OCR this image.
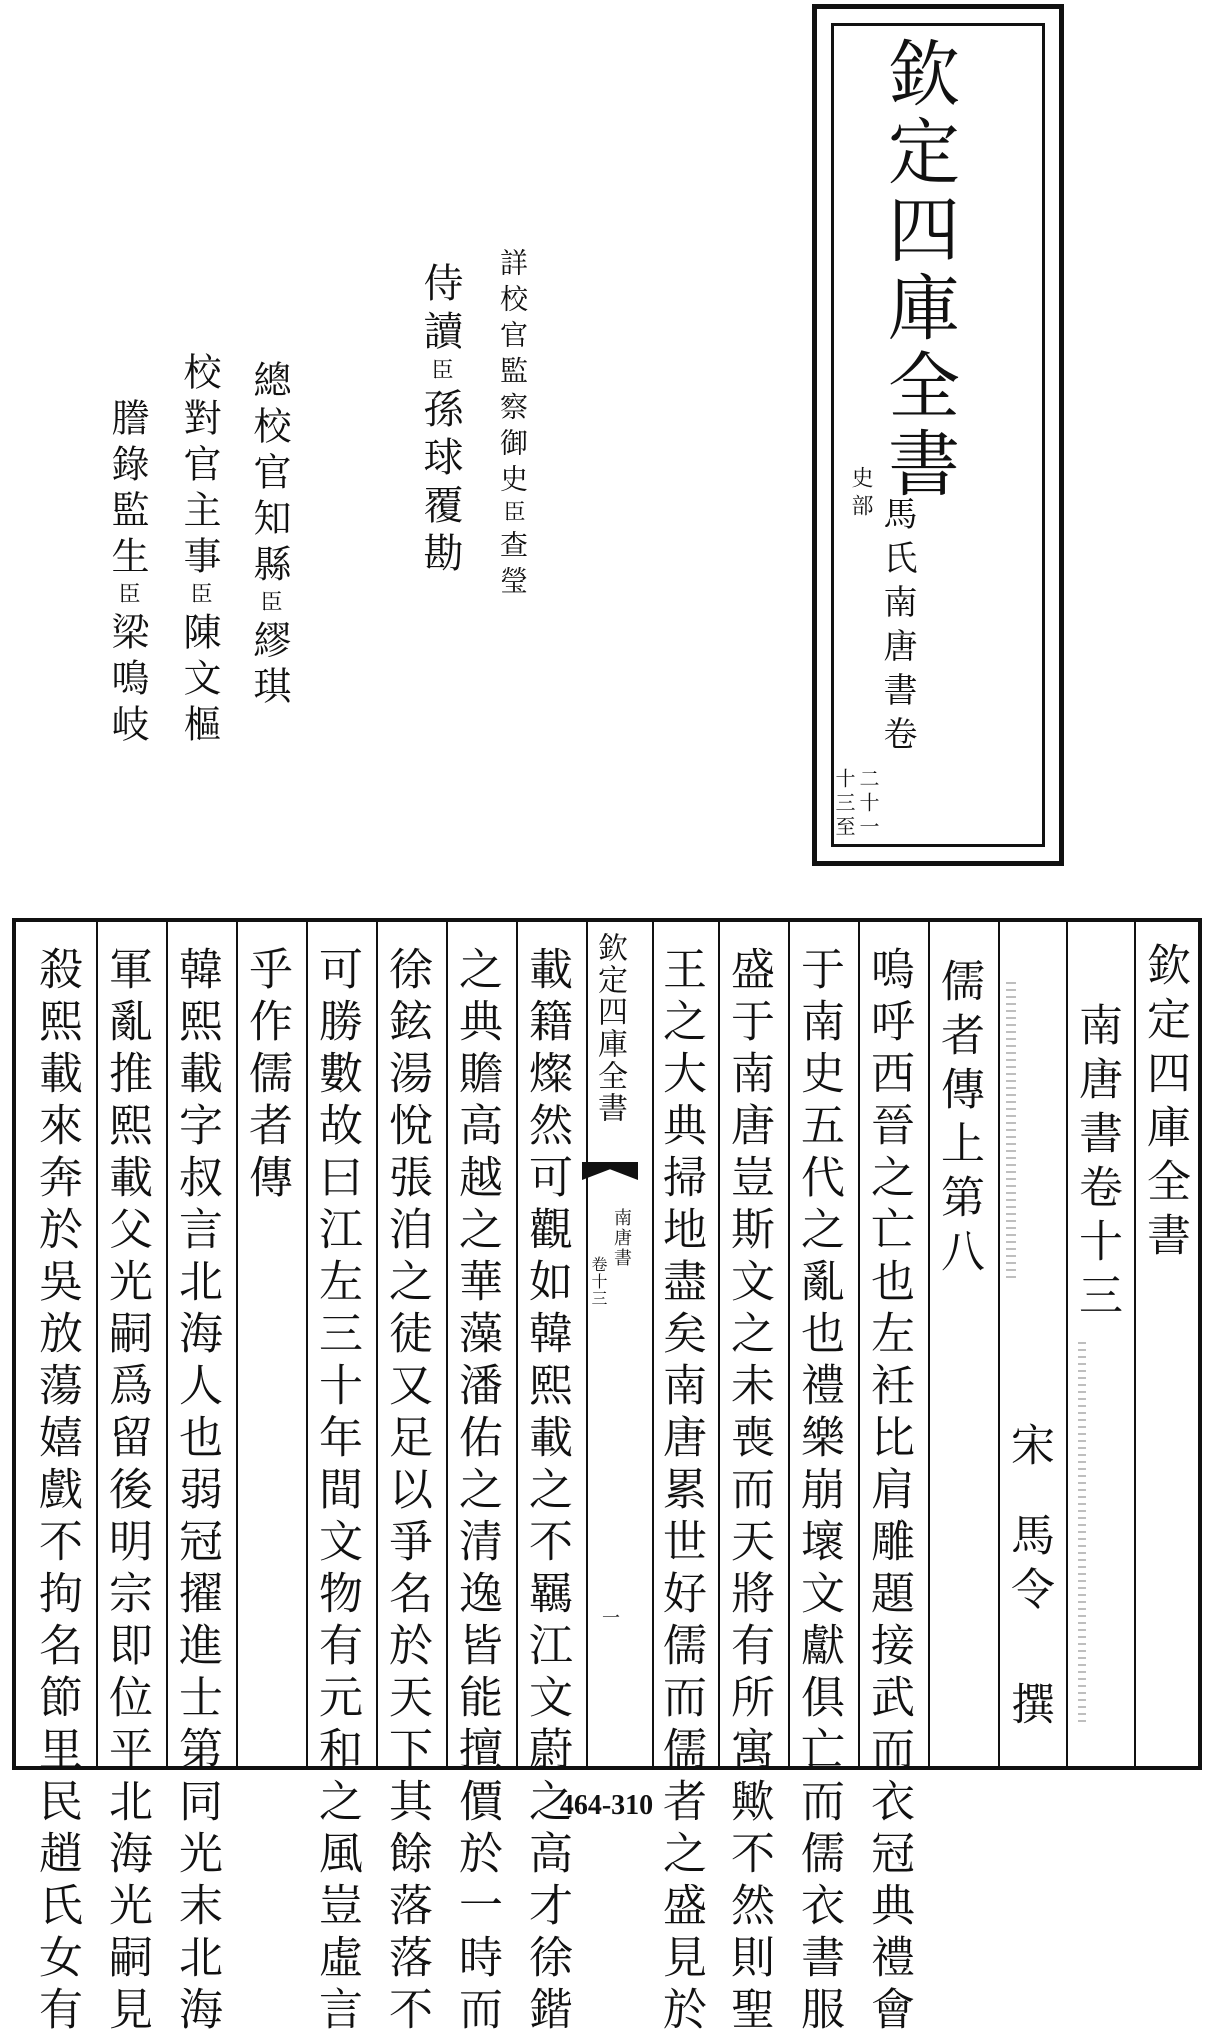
欽定四庫全書
史部
馬氏南唐書卷
十三至 二十一
詳校官監察御史臣查瑩
侍讀臣孫球覆勘
總校官知縣臣繆琪
校對官主事臣陳文樞
謄錄監生臣梁鳴岐
欽定四庫全書
南唐書卷十三
宋
馬令 撰
儒者傳上第八
嗚呼西晉之亡也左衽比肩雕題接武而衣冠典禮會
于南史五代之亂也禮樂崩壞文獻俱亡而儒衣書服
盛于南唐豈斯文之未喪而天將有所寓歟不然則聖
王之大典掃地盡矣南唐累世好儒而儒者之盛見於
載籍燦然可觀如韓熙載之不羈江文蔚之高才徐鍇
之典贍高越之華藻潘佑之清逸皆能擅價於一時而
徐鉉湯悅張洎之徒又足以爭名於天下其餘落落不
可勝數故曰江左三十年間文物有元和之風豈虛言
乎作儒者傳
韓熙載字叔言北海人也弱冠擢進士第同光末北海
軍亂推熙載父光嗣爲留後明宗即位平北海光嗣見
殺熙載來奔於吳放蕩嬉戲不拘名節里民趙氏女有	欽定四庫全書
南唐書
卷十三
一
464-310
